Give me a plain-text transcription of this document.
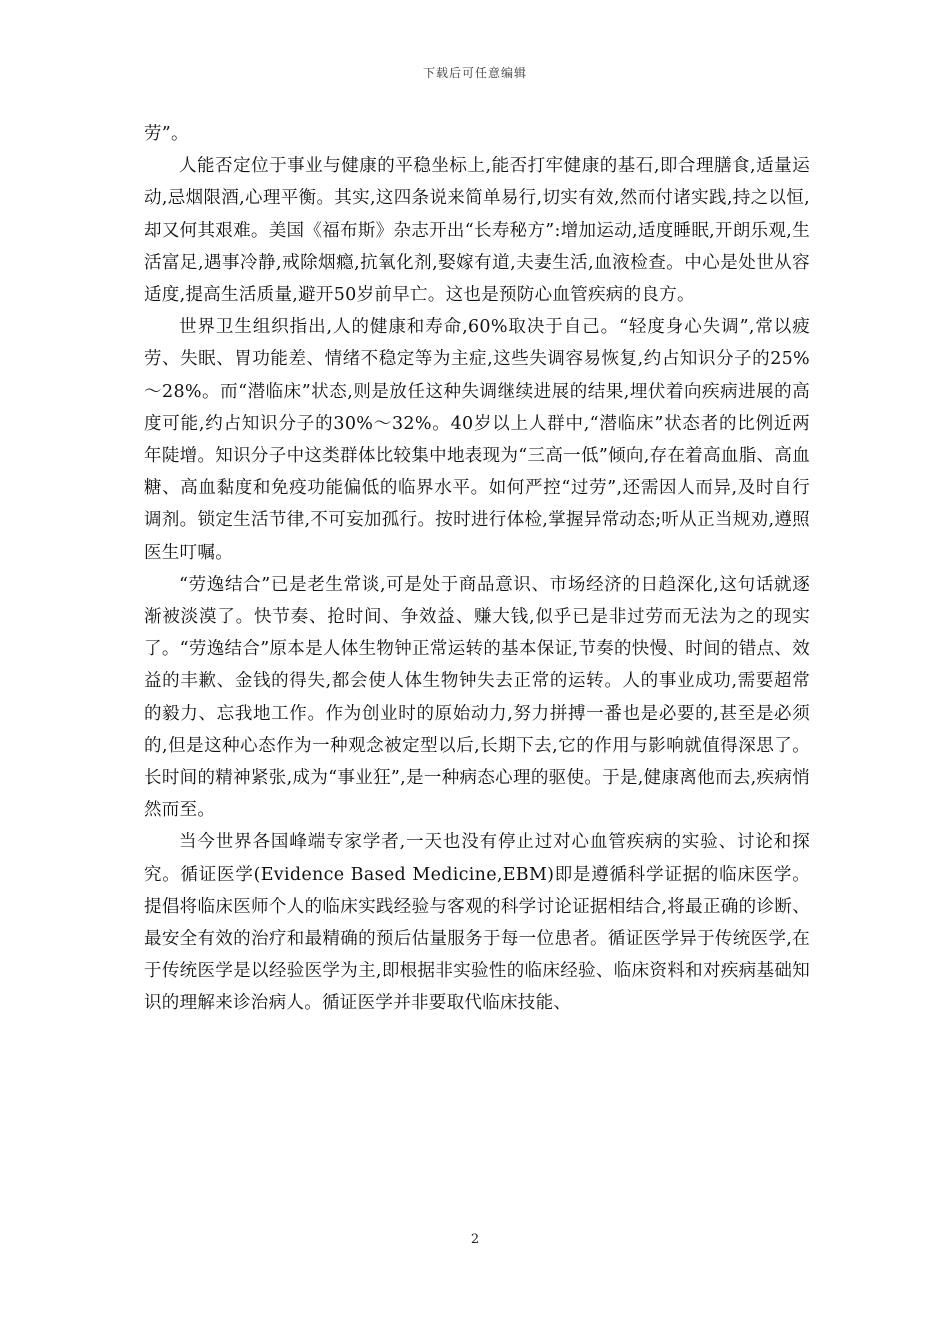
下载后可任意编辑

劳”。

人能否定位于事业与健康的平稳坐标上,能否打牢健康的基石,即合理膳食,适量运动,忌烟限酒,心理平衡。其实,这四条说来简单易行,切实有效,然而付诸实践,持之以恒,却又何其艰难。美国《福布斯》杂志开出“长寿秘方”:增加运动,适度睡眠,开朗乐观,生活富足,遇事冷静,戒除烟瘾,抗氧化剂,娶嫁有道,夫妻生活,血液检查。中心是处世从容适度,提高生活质量,避开50岁前早亡。这也是预防心血管疾病的良方。

世界卫生组织指出,人的健康和寿命,60%取决于自己。“轻度身心失调”,常以疲劳、失眠、胃功能差、情绪不稳定等为主症,这些失调容易恢复,约占知识分子的25%～28%。而“潜临床”状态,则是放任这种失调继续进展的结果,埋伏着向疾病进展的高度可能,约占知识分子的30%～32%。40岁以上人群中,“潜临床”状态者的比例近两年陡增。知识分子中这类群体比较集中地表现为“三高一低”倾向,存在着高血脂、高血糖、高血黏度和免疫功能偏低的临界水平。如何严控“过劳”,还需因人而异,及时自行调剂。锁定生活节律,不可妄加孤行。按时进行体检,掌握异常动态;听从正当规劝,遵照医生叮嘱。

“劳逸结合”已是老生常谈,可是处于商品意识、市场经济的日趋深化,这句话就逐渐被淡漠了。快节奏、抢时间、争效益、赚大钱,似乎已是非过劳而无法为之的现实了。“劳逸结合”原本是人体生物钟正常运转的基本保证,节奏的快慢、时间的错点、效益的丰歉、金钱的得失,都会使人体生物钟失去正常的运转。人的事业成功,需要超常的毅力、忘我地工作。作为创业时的原始动力,努力拼搏一番也是必要的,甚至是必须的,但是这种心态作为一种观念被定型以后,长期下去,它的作用与影响就值得深思了。长时间的精神紧张,成为“事业狂”,是一种病态心理的驱使。于是,健康离他而去,疾病悄然而至。

当今世界各国峰端专家学者,一天也没有停止过对心血管疾病的实验、讨论和探究。循证医学(Evidence Based Medicine,EBM)即是遵循科学证据的临床医学。提倡将临床医师个人的临床实践经验与客观的科学讨论证据相结合,将最正确的诊断、最安全有效的治疗和最精确的预后估量服务于每一位患者。循证医学异于传统医学,在于传统医学是以经验医学为主,即根据非实验性的临床经验、临床资料和对疾病基础知识的理解来诊治病人。循证医学并非要取代临床技能、

2
